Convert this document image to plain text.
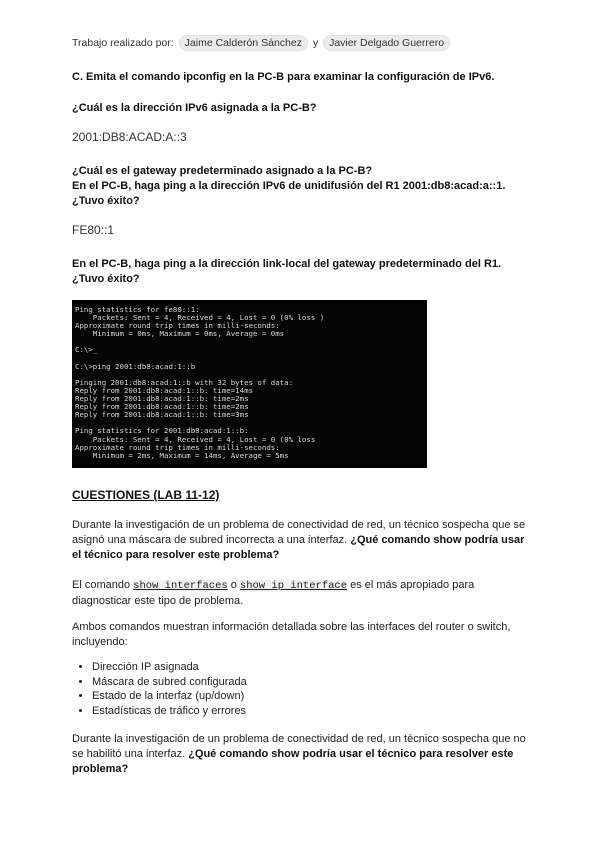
Trabajo realizado por: Jaime Calderón Sánchez y Javier Delgado Guerrero

C. Emita el comando ipconfig en la PC-B para examinar la configuración de IPv6.

¿Cuál es la dirección IPv6 asignada a la PC-B?

2001:DB8:ACAD:A::3

¿Cuál es el gateway predeterminado asignado a la PC-B?
En el PC-B, haga ping a la dirección IPv6 de unidifusión del R1 2001:db8:acad:a::1.
¿Tuvo éxito?

FE80::1

En el PC-B, haga ping a la dirección link-local del gateway predeterminado del R1.
¿Tuvo éxito?

Ping statistics for fe80::1:
Packets: Sent = 4, Received = 4, Lost = 0 (0% loss )
Approximate round trip times in milli-seconds:
Minimum = 0ms, Maximum = 0ms, Average = 0ms

C:\>_

C:\>ping 2001:db8:acad:1::b

Pinging 2001:db8:acad:1::b with 32 bytes of data:
Reply from 2001:db8:acad:1::b: time=14ms
Reply from 2001:db8:acad:1::b: time=2ms
Reply from 2001:db8:acad:1::b: time=2ms
Reply from 2001:db8:acad:1::b: time=3ms

Ping statistics for 2001:db8:acad:1::b:
Packets: Sent = 4, Received = 4, Lost = 0 (0% loss
Approximate round trip times in milli-seconds:
Minimum = 2ms, Maximum = 14ms, Average = 5ms
CUESTIONES (LAB 11-12)

Durante la investigación de un problema de conectividad de red, un técnico sospecha que se asignó una máscara de subred incorrecta a una interfaz. ¿Qué comando show podría usar el técnico para resolver este problema?

El comando show interfaces o show ip interface es el más apropiado para diagnosticar este tipo de problema.

Ambos comandos muestran información detallada sobre las interfaces del router o switch, incluyendo:

• Dirección IP asignada
• Máscara de subred configurada
• Estado de la interfaz (up/down)
• Estadísticas de tráfico y errores

Durante la investigación de un problema de conectividad de red, un técnico sospecha que no se habilitó una interfaz. ¿Qué comando show podría usar el técnico para resolver este problema?
